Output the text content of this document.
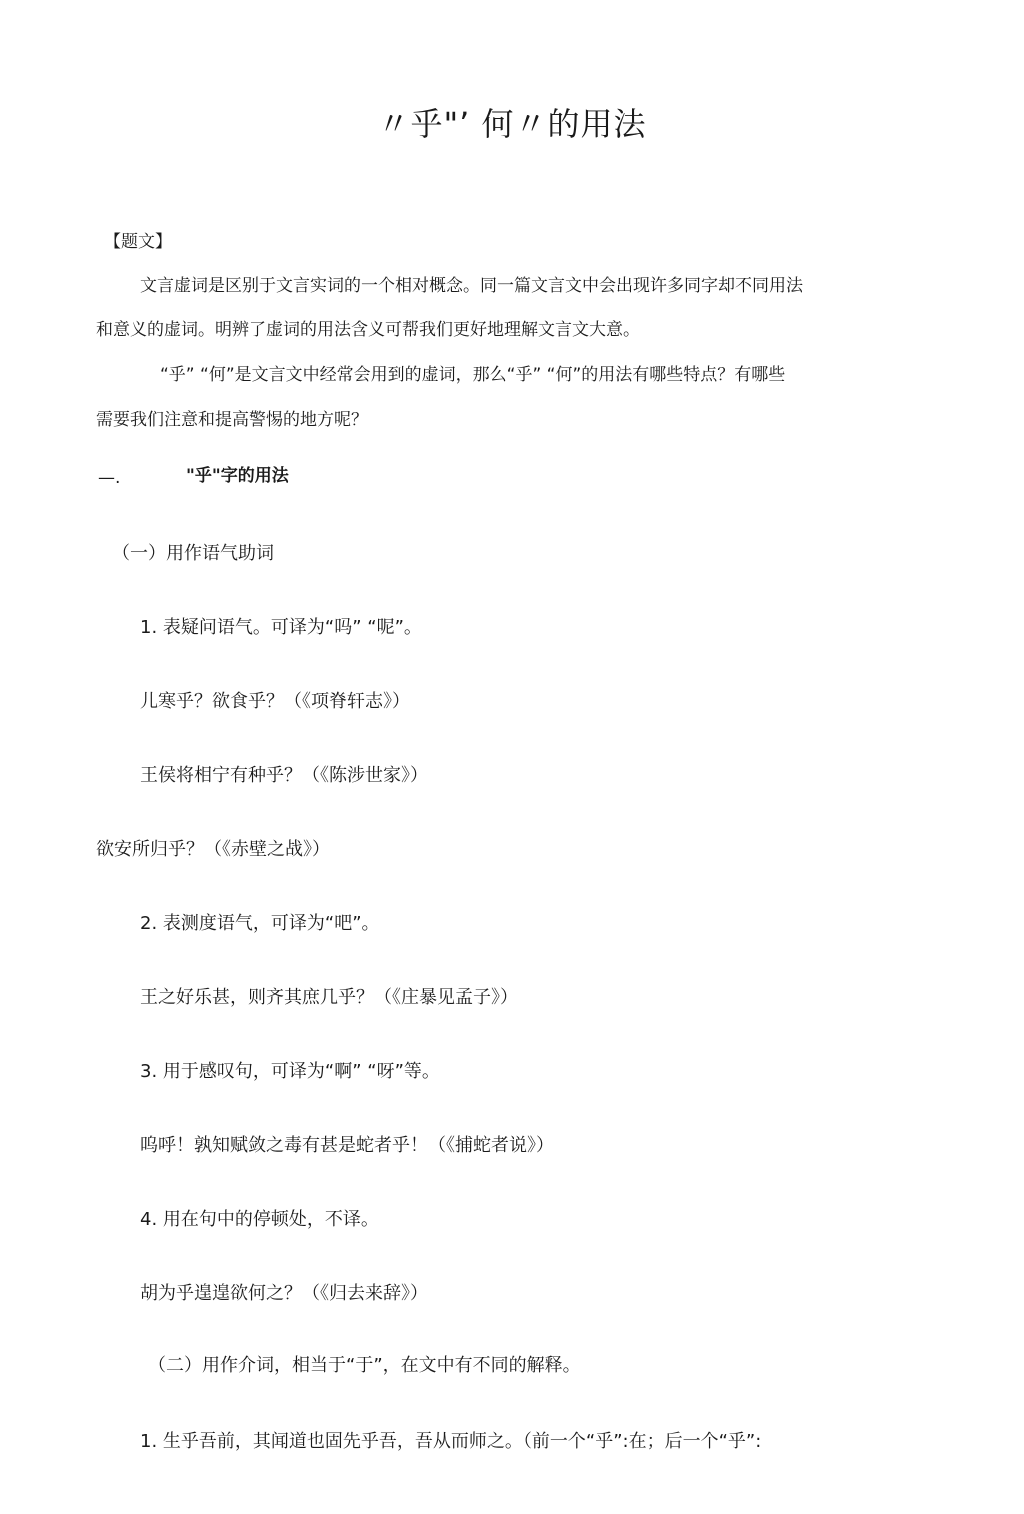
〃乎"’ 何〃的用法
【题文】
文言虚词是区别于文言实词的一个相对概念。同一篇文言文中会出现许多同字却不同用法
和意义的虚词。明辨了虚词的用法含义可帮我们更好地理解文言文大意。
“乎” “何”是文言文中经常会用到的虚词，那么“乎” “何”的用法有哪些特点？有哪些
需要我们注意和提高警惕的地方呢？
—.	"乎"字的用法
（一）用作语气助词
1. 表疑问语气。可译为“吗” “呢”。
儿寒乎？欲食乎？（《项脊轩志》）
王侯将相宁有种乎？（《陈涉世家》）
欲安所归乎？（《赤壁之战》）
2. 表测度语气，可译为“吧”。
王之好乐甚，则齐其庶几乎？（《庄暴见孟子》）
3. 用于感叹句，可译为“啊” “呀”等。
呜呼！孰知赋敛之毒有甚是蛇者乎！（《捕蛇者说》）
4. 用在句中的停顿处，不译。
胡为乎遑遑欲何之？（《归去来辞》）
（二）用作介词，相当于“于”，在文中有不同的解释。
1. 生乎吾前，其闻道也固先乎吾，吾从而师之。（前一个“乎”:在；后一个“乎”:
